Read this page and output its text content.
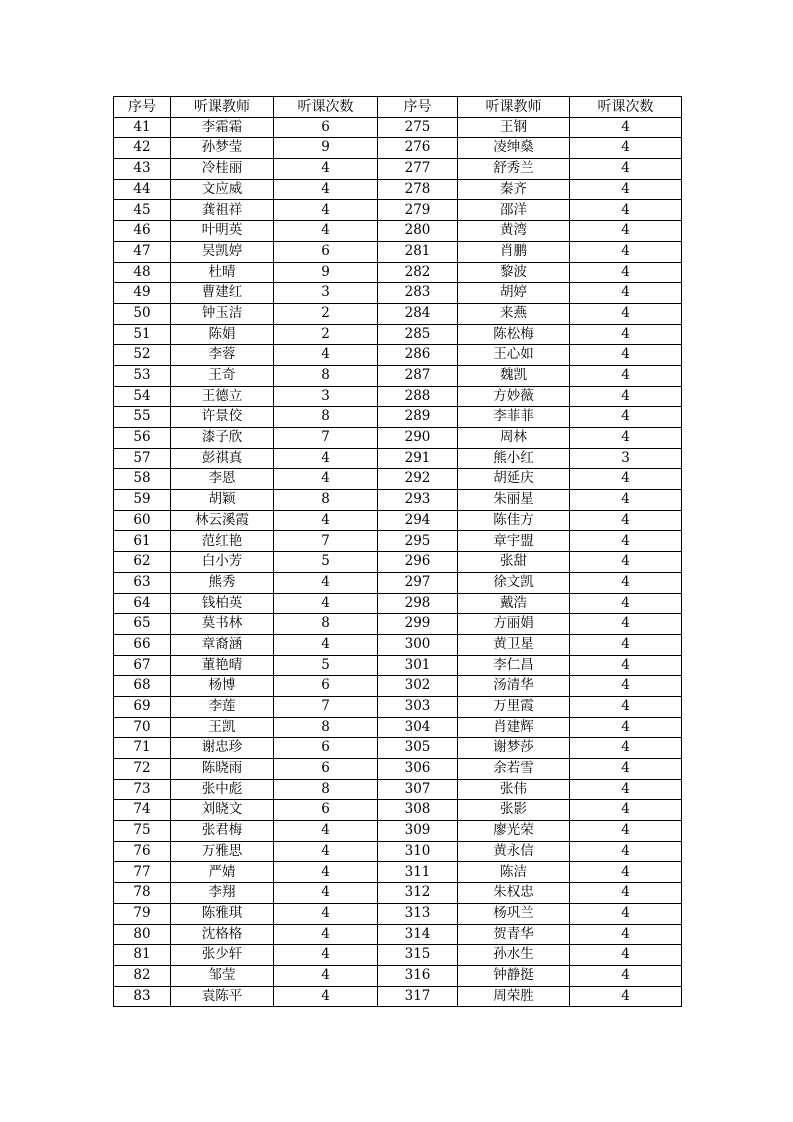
序号	听课教师	听课次数	序号	听课教师	听课次数
41	李霜霜	6	275	王钢	4
42	孙梦莹	9	276	凌绅燊	4
43	冷桂丽	4	277	舒秀兰	4
44	文应威	4	278	秦齐	4
45	龚祖祥	4	279	邵洋	4
46	叶明英	4	280	黄湾	4
47	吴凯婷	6	281	肖鹏	4
48	杜晴	9	282	黎波	4
49	曹建红	3	283	胡婷	4
50	钟玉洁	2	284	来燕	4
51	陈娟	2	285	陈松梅	4
52	李蓉	4	286	王心如	4
53	王奇	8	287	魏凯	4
54	王德立	3	288	方妙薇	4
55	许景佼	8	289	李菲菲	4
56	漆子欣	7	290	周林	4
57	彭祺真	4	291	熊小红	3
58	李恩	4	292	胡延庆	4
59	胡颖	8	293	朱丽星	4
60	林云溪霞	4	294	陈佳方	4
61	范红艳	7	295	章宇盟	4
62	白小芳	5	296	张甜	4
63	熊秀	4	297	徐文凯	4
64	钱柏英	4	298	戴浩	4
65	莫书林	8	299	方丽娟	4
66	章裔涵	4	300	黄卫星	4
67	董艳晴	5	301	李仁昌	4
68	杨博	6	302	汤清华	4
69	李莲	7	303	万里霞	4
70	王凯	8	304	肖建辉	4
71	谢忠珍	6	305	谢梦莎	4
72	陈晓雨	6	306	余若雪	4
73	张中彪	8	307	张伟	4
74	刘晓文	6	308	张影	4
75	张君梅	4	309	廖光荣	4
76	万雅思	4	310	黄永信	4
77	严婧	4	311	陈洁	4
78	李翔	4	312	朱权忠	4
79	陈雅琪	4	313	杨巩兰	4
80	沈格格	4	314	贺青华	4
81	张少轩	4	315	孙水生	4
82	邹莹	4	316	钟静挺	4
83	袁陈平	4	317	周荣胜	4
